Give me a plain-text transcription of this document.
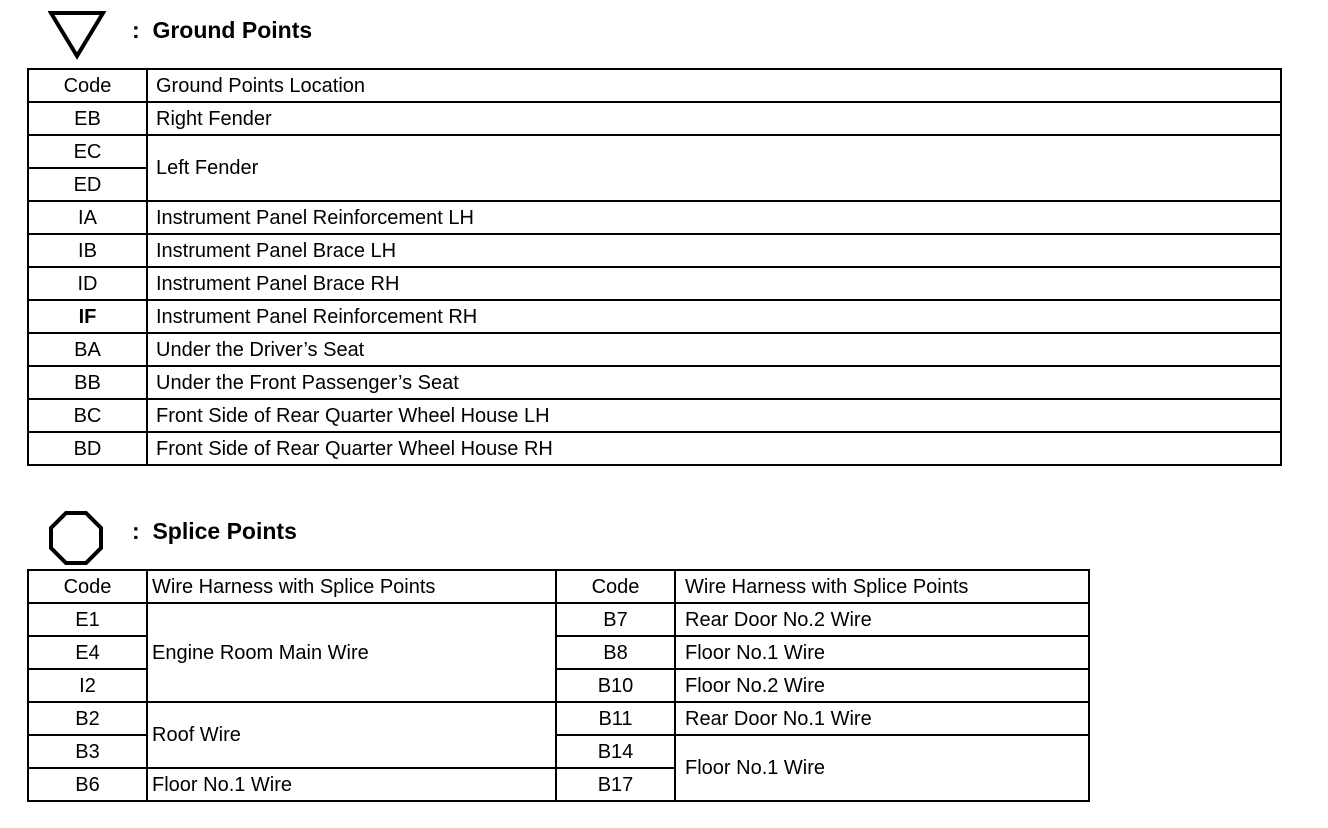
:  Ground Points
Code	Ground Points Location
EB	Right Fender
EC	Left Fender
ED	
IA	Instrument Panel Reinforcement LH
IB	Instrument Panel Brace LH
ID	Instrument Panel Brace RH
IF	Instrument Panel Reinforcement RH
BA	Under the Driver’s Seat
BB	Under the Front Passenger’s Seat
BC	Front Side of Rear Quarter Wheel House LH
BD	Front Side of Rear Quarter Wheel House RH
:  Splice Points
Code	Wire Harness with Splice Points	Code	Wire Harness with Splice Points
E1	Engine Room Main Wire	B7	Rear Door No.2 Wire
E4		B8	Floor No.1 Wire
I2		B10	Floor No.2 Wire
B2	Roof Wire	B11	Rear Door No.1 Wire
B3		B14	Floor No.1 Wire
B6	Floor No.1 Wire	B17	
